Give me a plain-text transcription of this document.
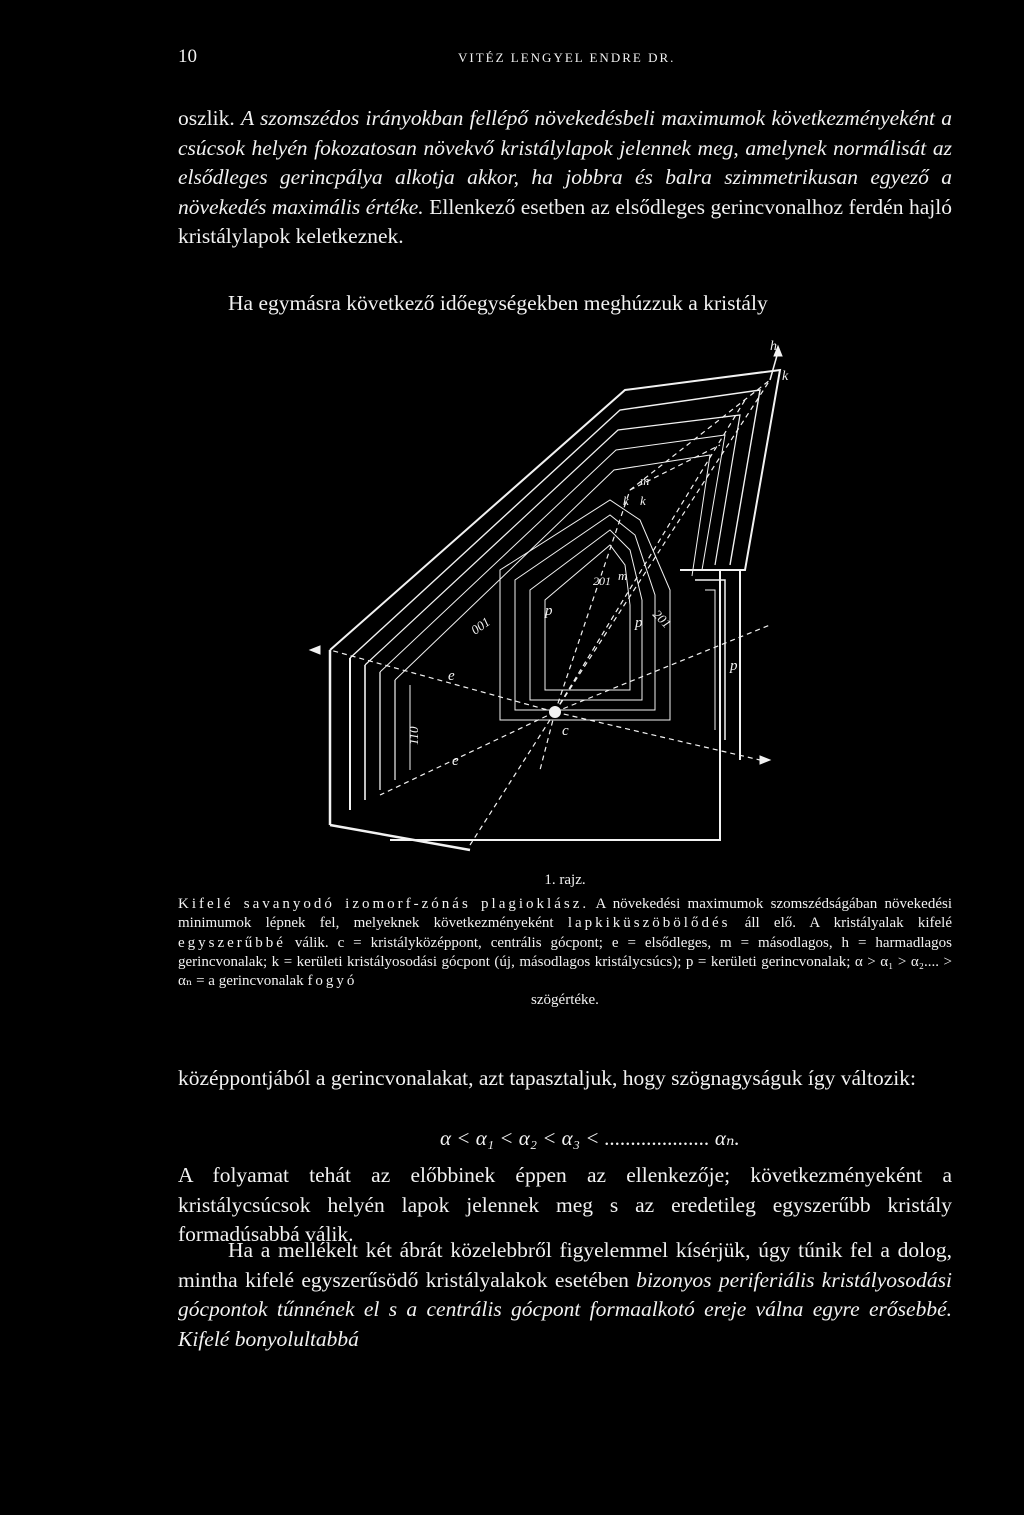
10	VITÉZ LENGYEL ENDRE DR.

oszlik. A szomszédos irányokban fellépő növekedésbeli maximumok következményeként a csúcsok helyén fokozatosan növekvő kristálylapok jelennek meg, amelynek normálisát az elsődleges gerincpálya alkotja akkor, ha jobbra és balra szimmetrikusan egyező a növekedés maximális értéke. Ellenkező esetben az elsődleges gerincvonalhoz ferdén hajló kristálylapok keletkeznek.

Ha egymásra következő időegységekben meghúzzuk a kristály

h
k
m
k k
201
p
p
001	201
m
p
e
e
c
110
1. rajz.

Kifelé savanyodó izomorf-zónás plagioklász. A növekedési maximumok szomszédságában növekedési minimumok lépnek fel, melyeknek következményeként lapkiküszöbölődés áll elő. A kristályalak kifelé egyszerűbbé válik. c = kristályközéppont, centrális gócpont; e = elsődleges, m = másodlagos, h = harmadlagos gerincvonalak; k = kerületi kristályosodási gócpont (új, másodlagos kristálycsúcs); p = kerületi gerincvonalak; α > α₁ > α₂.... > αₙ = a gerincvonalak fogyó
szögértéke.

középpontjából a gerincvonalakat, azt tapasztaljuk, hogy szögnagyságuk így változik:

α < α₁ < α₂ < α₃ < .................... αₙ.

A folyamat tehát az előbbinek éppen az ellenkezője; következményeként a kristálycsúcsok helyén lapok jelennek meg s az eredetileg egyszerűbb kristály formadúsabbá válik.

Ha a mellékelt két ábrát közelebbről figyelemmel kísérjük, úgy tűnik fel a dolog, mintha kifelé egyszerűsödő kristályalakok esetében bizonyos periferiális kristályosodási gócpontok tűnnének el s a centrális gócpont formaalkotó ereje válna egyre erősebbé. Kifelé bonyolultabbá
